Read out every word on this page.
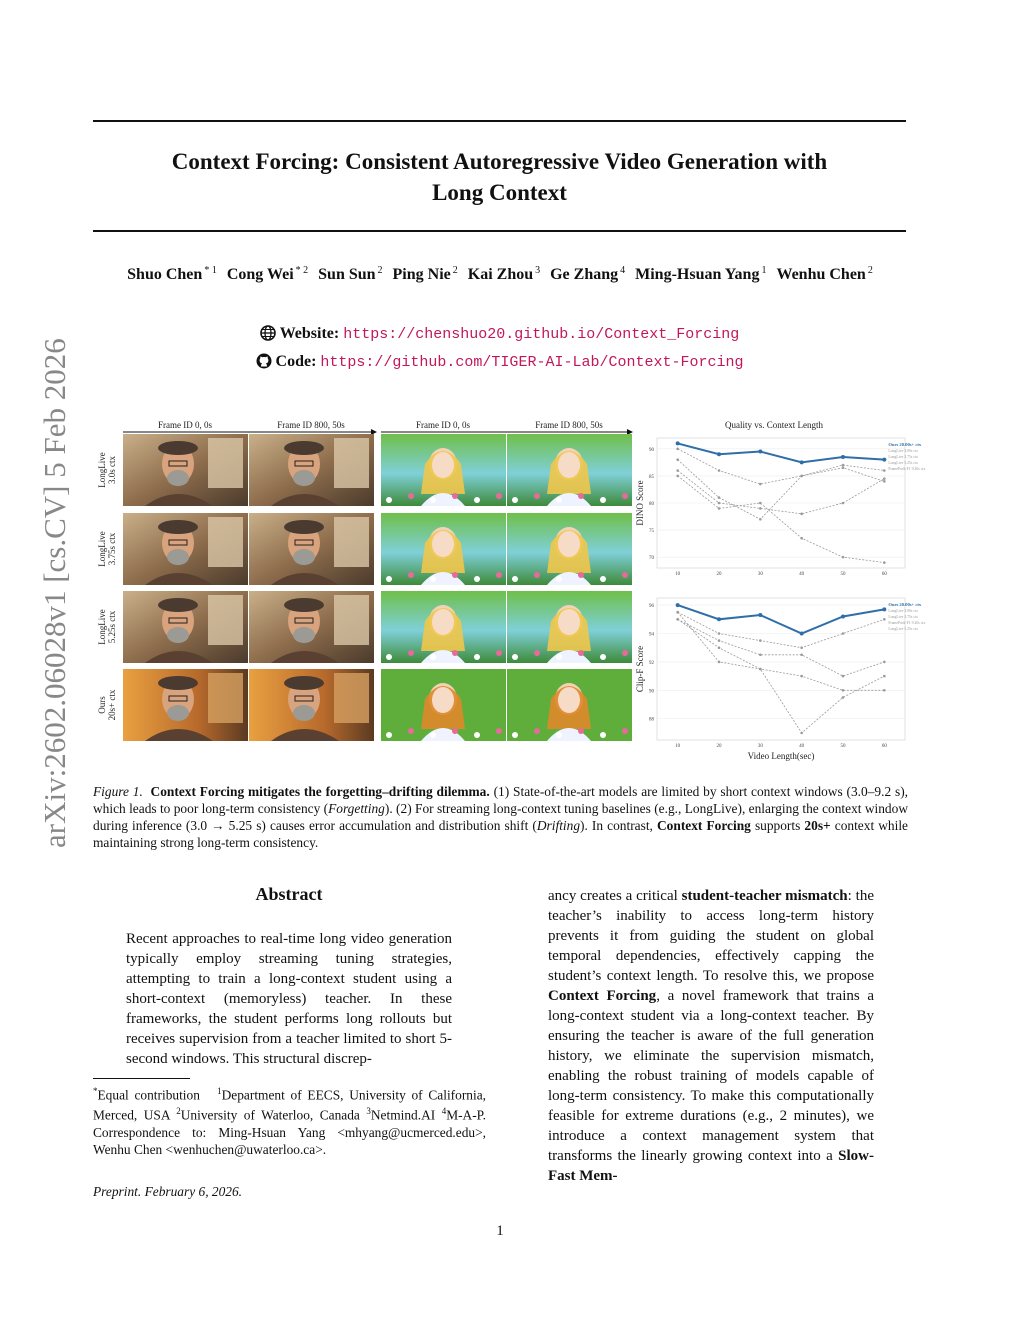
arXiv:2602.06028v1 [cs.CV] 5 Feb 2026
Context Forcing: Consistent Autoregressive Video Generation with
Long Context
Shuo Chen $^{* 1}$ Cong Wei $^{* 2}$ Sun Sun $^2$ Ping Nie $^2$ Kai Zhou $^3$ Ge Zhang $^4$ Ming-Hsuan Yang $^1$ Wenhu Chen $^2$
Website: https://chenshuo20.github.io/Context_Forcing
Code: https://github.com/TIGER-AI-Lab/Context-Forcing
Frame ID 0, 0s	Frame ID 800, 50s	Frame ID 0, 0s	Frame ID 800, 50s
LongLive3.0s ctx
LongLive3.75s ctx
LongLive5.25s ctx
Ours20s+ ctx
Quality vs. Context Length
70
75
80
85
90
10	20	30	40	50	60
DINO Score
Ours 20.00s+ ctx
LongLive 3.00s ctx
LongLive 3.75s ctx
LongLive 5.25s ctx
FramePack-F1 9.20s ctx
88
90
92
94
96
10	20	30	40	50	60
Clip-F Score
Video Length(sec)
Ours 20.00s+ ctx
LongLive 3.00s ctx
LongLive 3.75s ctx
FramePack-F1 9.20s ctx
LongLive 5.25s ctx
Figure 1. Context Forcing mitigates the forgetting–drifting dilemma. (1) State-of-the-art models are limited by short context windows (3.0–9.2 s), which leads to poor long-term consistency (Forgetting). (2) For streaming long-context tuning baselines (e.g., LongLive), enlarging the context window during inference (3.0 → 5.25 s) causes error accumulation and distribution shift (Drifting). In contrast, Context Forcing supports 20s+ context while maintaining strong long-term consistency.
Abstract
Recent approaches to real-time long video generation typically employ streaming tuning strategies, attempting to train a long-context student using a short-context (memoryless) teacher. In these frameworks, the student performs long rollouts but receives supervision from a teacher limited to short 5-second windows. This structural discrep-
ancy creates a critical student-teacher mismatch: the teacher’s inability to access long-term history prevents it from guiding the student on global temporal dependencies, effectively capping the student’s context length. To resolve this, we propose Context Forcing, a novel framework that trains a long-context student via a long-context teacher. By ensuring the teacher is aware of the full generation history, we eliminate the supervision mismatch, enabling the robust training of models capable of long-term consistency. To make this computationally feasible for extreme durations (e.g., 2 minutes), we introduce a context management system that transforms the linearly growing context into a Slow-Fast Mem-
*Equal contribution $^1$Department of EECS, University of California, Merced, USA $^2$University of Waterloo, Canada $^3$Netmind.AI $^4$M-A-P. Correspondence to: Ming-Hsuan Yang <mhyang@ucmerced.edu>, Wenhu Chen <wenhuchen@uwaterloo.ca>.
Preprint. February 6, 2026.
1
